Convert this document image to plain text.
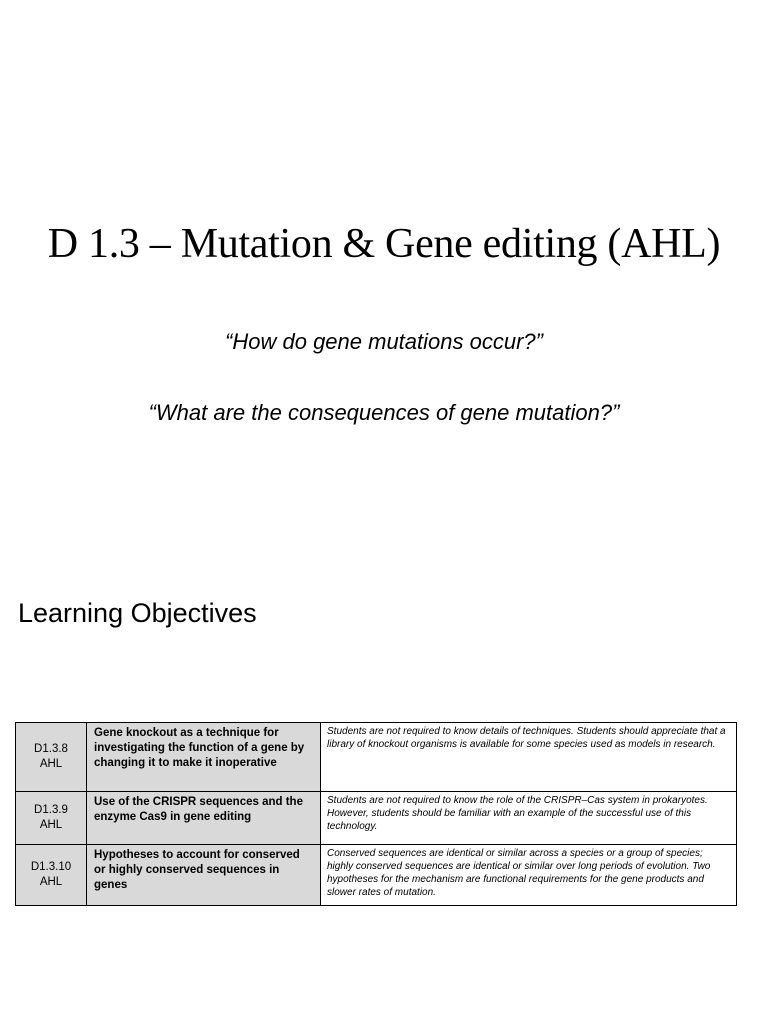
D 1.3 – Mutation & Gene editing (AHL)
“How do gene mutations occur?”
“What are the consequences of gene mutation?”
Learning Objectives
D1.3.8
AHL	Gene knockout as a technique for investigating the function of a gene by changing it to make it inoperative	Students are not required to know details of techniques. Students should appreciate that a library of knockout organisms is available for some species used as models in research.

D1.3.9
AHL	Use of the CRISPR sequences and the enzyme Cas9 in gene editing	Students are not required to know the role of the CRISPR–Cas system in prokaryotes. However, students should be familiar with an example of the successful use of this technology.

D1.3.10
AHL	Hypotheses to account for conserved or highly conserved sequences in genes	Conserved sequences are identical or similar across a species or a group of species; highly conserved sequences are identical or similar over long periods of evolution. Two hypotheses for the mechanism are functional requirements for the gene products and slower rates of mutation.
